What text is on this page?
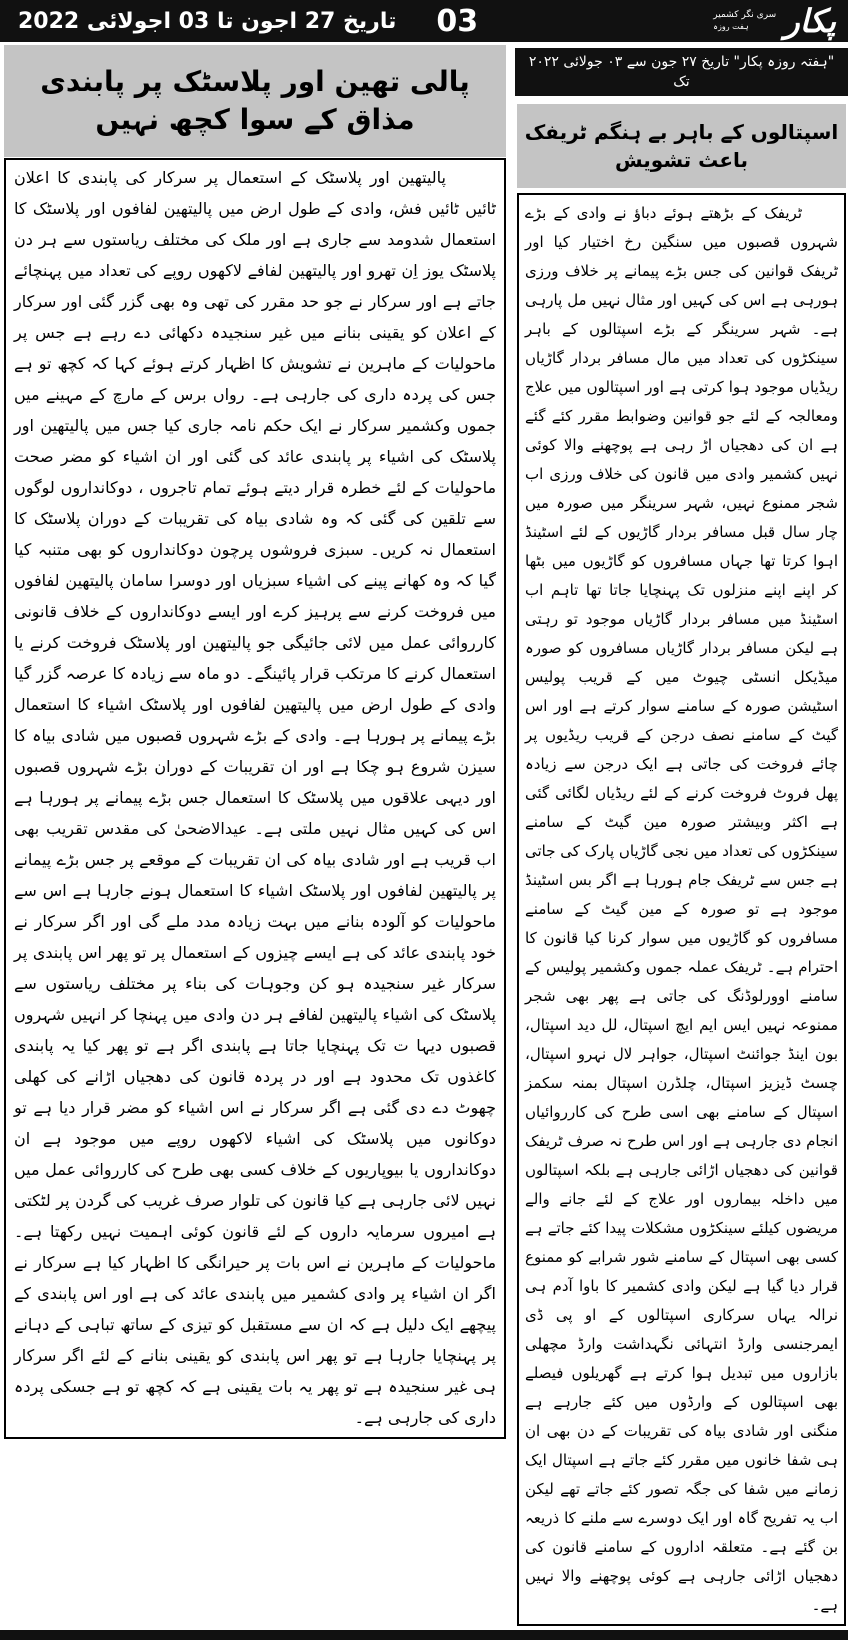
تاریخ 27 اجون تا 03 اجولائی 2022 03	سری نگر کشمیر
ہفت روزہ پکار
پالی تھین اور پلاسٹک پر پابندی مذاق کے سوا کچھ نہیں
پالیتھین اور پلاسٹک کے استعمال پر سرکار کی پابندی کا اعلان ٹائیں ٹائیں فش، وادی کے طول ارض میں پالیتھین لفافوں اور پلاسٹک کا استعمال شدومد سے جاری ہے اور ملک کی مختلف ریاستوں سے ہر دن پلاسٹک یوز اِن تھرو اور پالیتھین لفافے لاکھوں روپے کی تعداد میں پہنچائے جاتے ہے اور سرکار نے جو حد مقرر کی تھی وہ بھی گزر گئی اور سرکار کے اعلان کو یقینی بنانے میں غیر سنجیدہ دکھائی دے رہے ہے جس پر ماحولیات کے ماہرین نے تشویش کا اظہار کرتے ہوئے کہا کہ کچھ تو ہے جس کی پردہ داری کی جارہی ہے۔ رواں برس کے مارچ کے مہینے میں جموں وکشمیر سرکار نے ایک حکم نامہ جاری کیا جس میں پالیتھین اور پلاسٹک کی اشیاء پر پابندی عائد کی گئی اور ان اشیاء کو مضر صحت ماحولیات کے لئے خطرہ قرار دیتے ہوئے تمام تاجروں ، دوکانداروں لوگوں سے تلقین کی گئی کہ وہ شادی بیاہ کی تقریبات کے دوران پلاسٹک کا استعمال نہ کریں۔ سبزی فروشوں پرچون دوکانداروں کو بھی متنبہ کیا گیا کہ وہ کھانے پینے کی اشیاء سبزیاں اور دوسرا سامان پالیتھین لفافوں میں فروخت کرنے سے پرہیز کرے اور ایسے دوکانداروں کے خلاف قانونی کارروائی عمل میں لائی جائیگی جو پالیتھین اور پلاسٹک فروخت کرنے یا استعمال کرنے کا مرتکب قرار پائینگے۔ دو ماہ سے زیادہ کا عرصہ گزر گیا وادی کے طول ارض میں پالیتھین لفافوں اور پلاسٹک اشیاء کا استعمال بڑے پیمانے پر ہورہا ہے۔ وادی کے بڑے شہروں قصبوں میں شادی بیاہ کا سیزن شروع ہو چکا ہے اور ان تقریبات کے دوران بڑے شہروں قصبوں اور دیہی علاقوں میں پلاسٹک کا استعمال جس بڑے پیمانے پر ہورہا ہے اس کی کہیں مثال نہیں ملتی ہے۔ عیدالاضحیٰ کی مقدس تقریب بھی اب قریب ہے اور شادی بیاہ کی ان تقریبات کے موقعے پر جس بڑے پیمانے پر پالیتھین لفافوں اور پلاسٹک اشیاء کا استعمال ہونے جارہا ہے اس سے ماحولیات کو آلودہ بنانے میں بہت زیادہ مدد ملے گی اور اگر سرکار نے خود پابندی عائد کی ہے ایسے چیزوں کے استعمال پر تو پھر اس پابندی پر سرکار غیر سنجیدہ ہو کن وجوہات کی بناء پر مختلف ریاستوں سے پلاسٹک کی اشیاء پالیتھین لفافے ہر دن وادی میں پہنچا کر انہیں شہروں قصبوں دیہا ت تک پہنچایا جاتا ہے پابندی اگر ہے تو پھر کیا یہ پابندی کاغذوں تک محدود ہے اور در پردہ قانون کی دھجیاں اڑانے کی کھلی چھوٹ دے دی گئی ہے اگر سرکار نے اس اشیاء کو مضر قرار دیا ہے تو دوکانوں میں پلاسٹک کی اشیاء لاکھوں روپے میں موجود ہے ان دوکانداروں یا بیوپاریوں کے خلاف کسی بھی طرح کی کارروائی عمل میں نہیں لائی جارہی ہے کیا قانون کی تلوار صرف غریب کی گردن پر لٹکتی ہے امیروں سرمایہ داروں کے لئے قانون کوئی اہمیت نہیں رکھتا ہے۔ ماحولیات کے ماہرین نے اس بات پر حیرانگی کا اظہار کیا ہے سرکار نے اگر ان اشیاء پر وادی کشمیر میں پابندی عائد کی ہے اور اس پابندی کے پیچھے ایک دلیل ہے کہ ان سے مستقبل کو تیزی کے ساتھ تباہی کے دہانے پر پہنچایا جارہا ہے تو پھر اس پابندی کو یقینی بنانے کے لئے اگر سرکار ہی غیر سنجیدہ ہے تو پھر یہ بات یقینی ہے کہ کچھ تو ہے جسکی پردہ داری کی جارہی ہے۔
"ہفتہ روزہ پکار" تاریخ ۲۷ جون سے ۰۳ جولائی ۲۰۲۲ تک
اسپتالوں کے باہر بے ہنگم ٹریفک باعث تشویش
ٹریفک کے بڑھتے ہوئے دباؤ نے وادی کے بڑے شہروں قصبوں میں سنگین رخ اختیار کیا اور ٹریفک قوانین کی جس بڑے پیمانے پر خلاف ورزی ہورہی ہے اس کی کہیں اور مثال نہیں مل پارہی ہے۔ شہر سرینگر کے بڑے اسپتالوں کے باہر سینکڑوں کی تعداد میں مال مسافر بردار گاڑیاں ریڈیاں موجود ہوا کرتی ہے اور اسپتالوں میں علاج ومعالجہ کے لئے جو قوانین وضوابط مقرر کئے گئے ہے ان کی دھجیاں اڑ رہی ہے پوچھنے والا کوئی نہیں کشمیر وادی میں قانون کی خلاف ورزی اب شجر ممنوع نہیں، شہر سرینگر میں صورہ میں چار سال قبل مسافر بردار گاڑیوں کے لئے اسٹینڈ اہوا کرتا تھا جہاں مسافروں کو گاڑیوں میں بٹھا کر اپنے اپنے منزلوں تک پہنچایا جاتا تھا تاہم اب اسٹینڈ میں مسافر بردار گاڑیاں موجود تو رہتی ہے لیکن مسافر بردار گاڑیاں مسافروں کو صورہ میڈیکل انسٹی چیوٹ میں کے قریب پولیس اسٹیشن صورہ کے سامنے سوار کرتے ہے اور اس گیٹ کے سامنے نصف درجن کے قریب ریڈیوں پر چائے فروخت کی جاتی ہے ایک درجن سے زیادہ پھل فروٹ فروخت کرنے کے لئے ریڈیاں لگائی گئی ہے اکثر وبیشتر صورہ مین گیٹ کے سامنے سینکڑوں کی تعداد میں نجی گاڑیاں پارک کی جاتی ہے جس سے ٹریفک جام ہورہا ہے اگر بس اسٹینڈ موجود ہے تو صورہ کے مین گیٹ کے سامنے مسافروں کو گاڑیوں میں سوار کرنا کیا قانون کا احترام ہے۔ ٹریفک عملہ جموں وکشمیر پولیس کے سامنے اوورلوڈنگ کی جاتی ہے پھر بھی شجر ممنوعہ نہیں ایس ایم ایچ اسپتال، لل دید اسپتال، بون اینڈ جوائنٹ اسپتال، جواہر لال نہرو اسپتال، چسٹ ڈیزیز اسپتال، چلڈرن اسپتال بمنہ سکمز اسپتال کے سامنے بھی اسی طرح کی کارروائیاں انجام دی جارہی ہے اور اس طرح نہ صرف ٹریفک قوانین کی دھجیاں اڑائی جارہی ہے بلکہ اسپتالوں میں داخلہ بیماروں اور علاج کے لئے جانے والے مریضوں کیلئے سینکڑوں مشکلات پیدا کئے جاتے ہے کسی بھی اسپتال کے سامنے شور شرابے کو ممنوع قرار دیا گیا ہے لیکن وادی کشمیر کا باوا آدم ہی نرالہ یہاں سرکاری اسپتالوں کے او پی ڈی ایمرجنسی وارڈ انتہائی نگہداشت وارڈ مچھلی بازاروں میں تبدیل ہوا کرتے ہے گھریلوں فیصلے بھی اسپتالوں کے وارڈوں میں کئے جارہے ہے منگنی اور شادی بیاہ کی تقریبات کے دن بھی ان ہی شفا خانوں میں مقرر کئے جاتے ہے اسپتال ایک زمانے میں شفا کی جگہ تصور کئے جاتے تھے لیکن اب یہ تفریح گاہ اور ایک دوسرے سے ملنے کا ذریعہ بن گئے ہے۔ متعلقہ اداروں کے سامنے قانون کی دھجیاں اڑائی جارہی ہے کوئی پوچھنے والا نہیں ہے۔
